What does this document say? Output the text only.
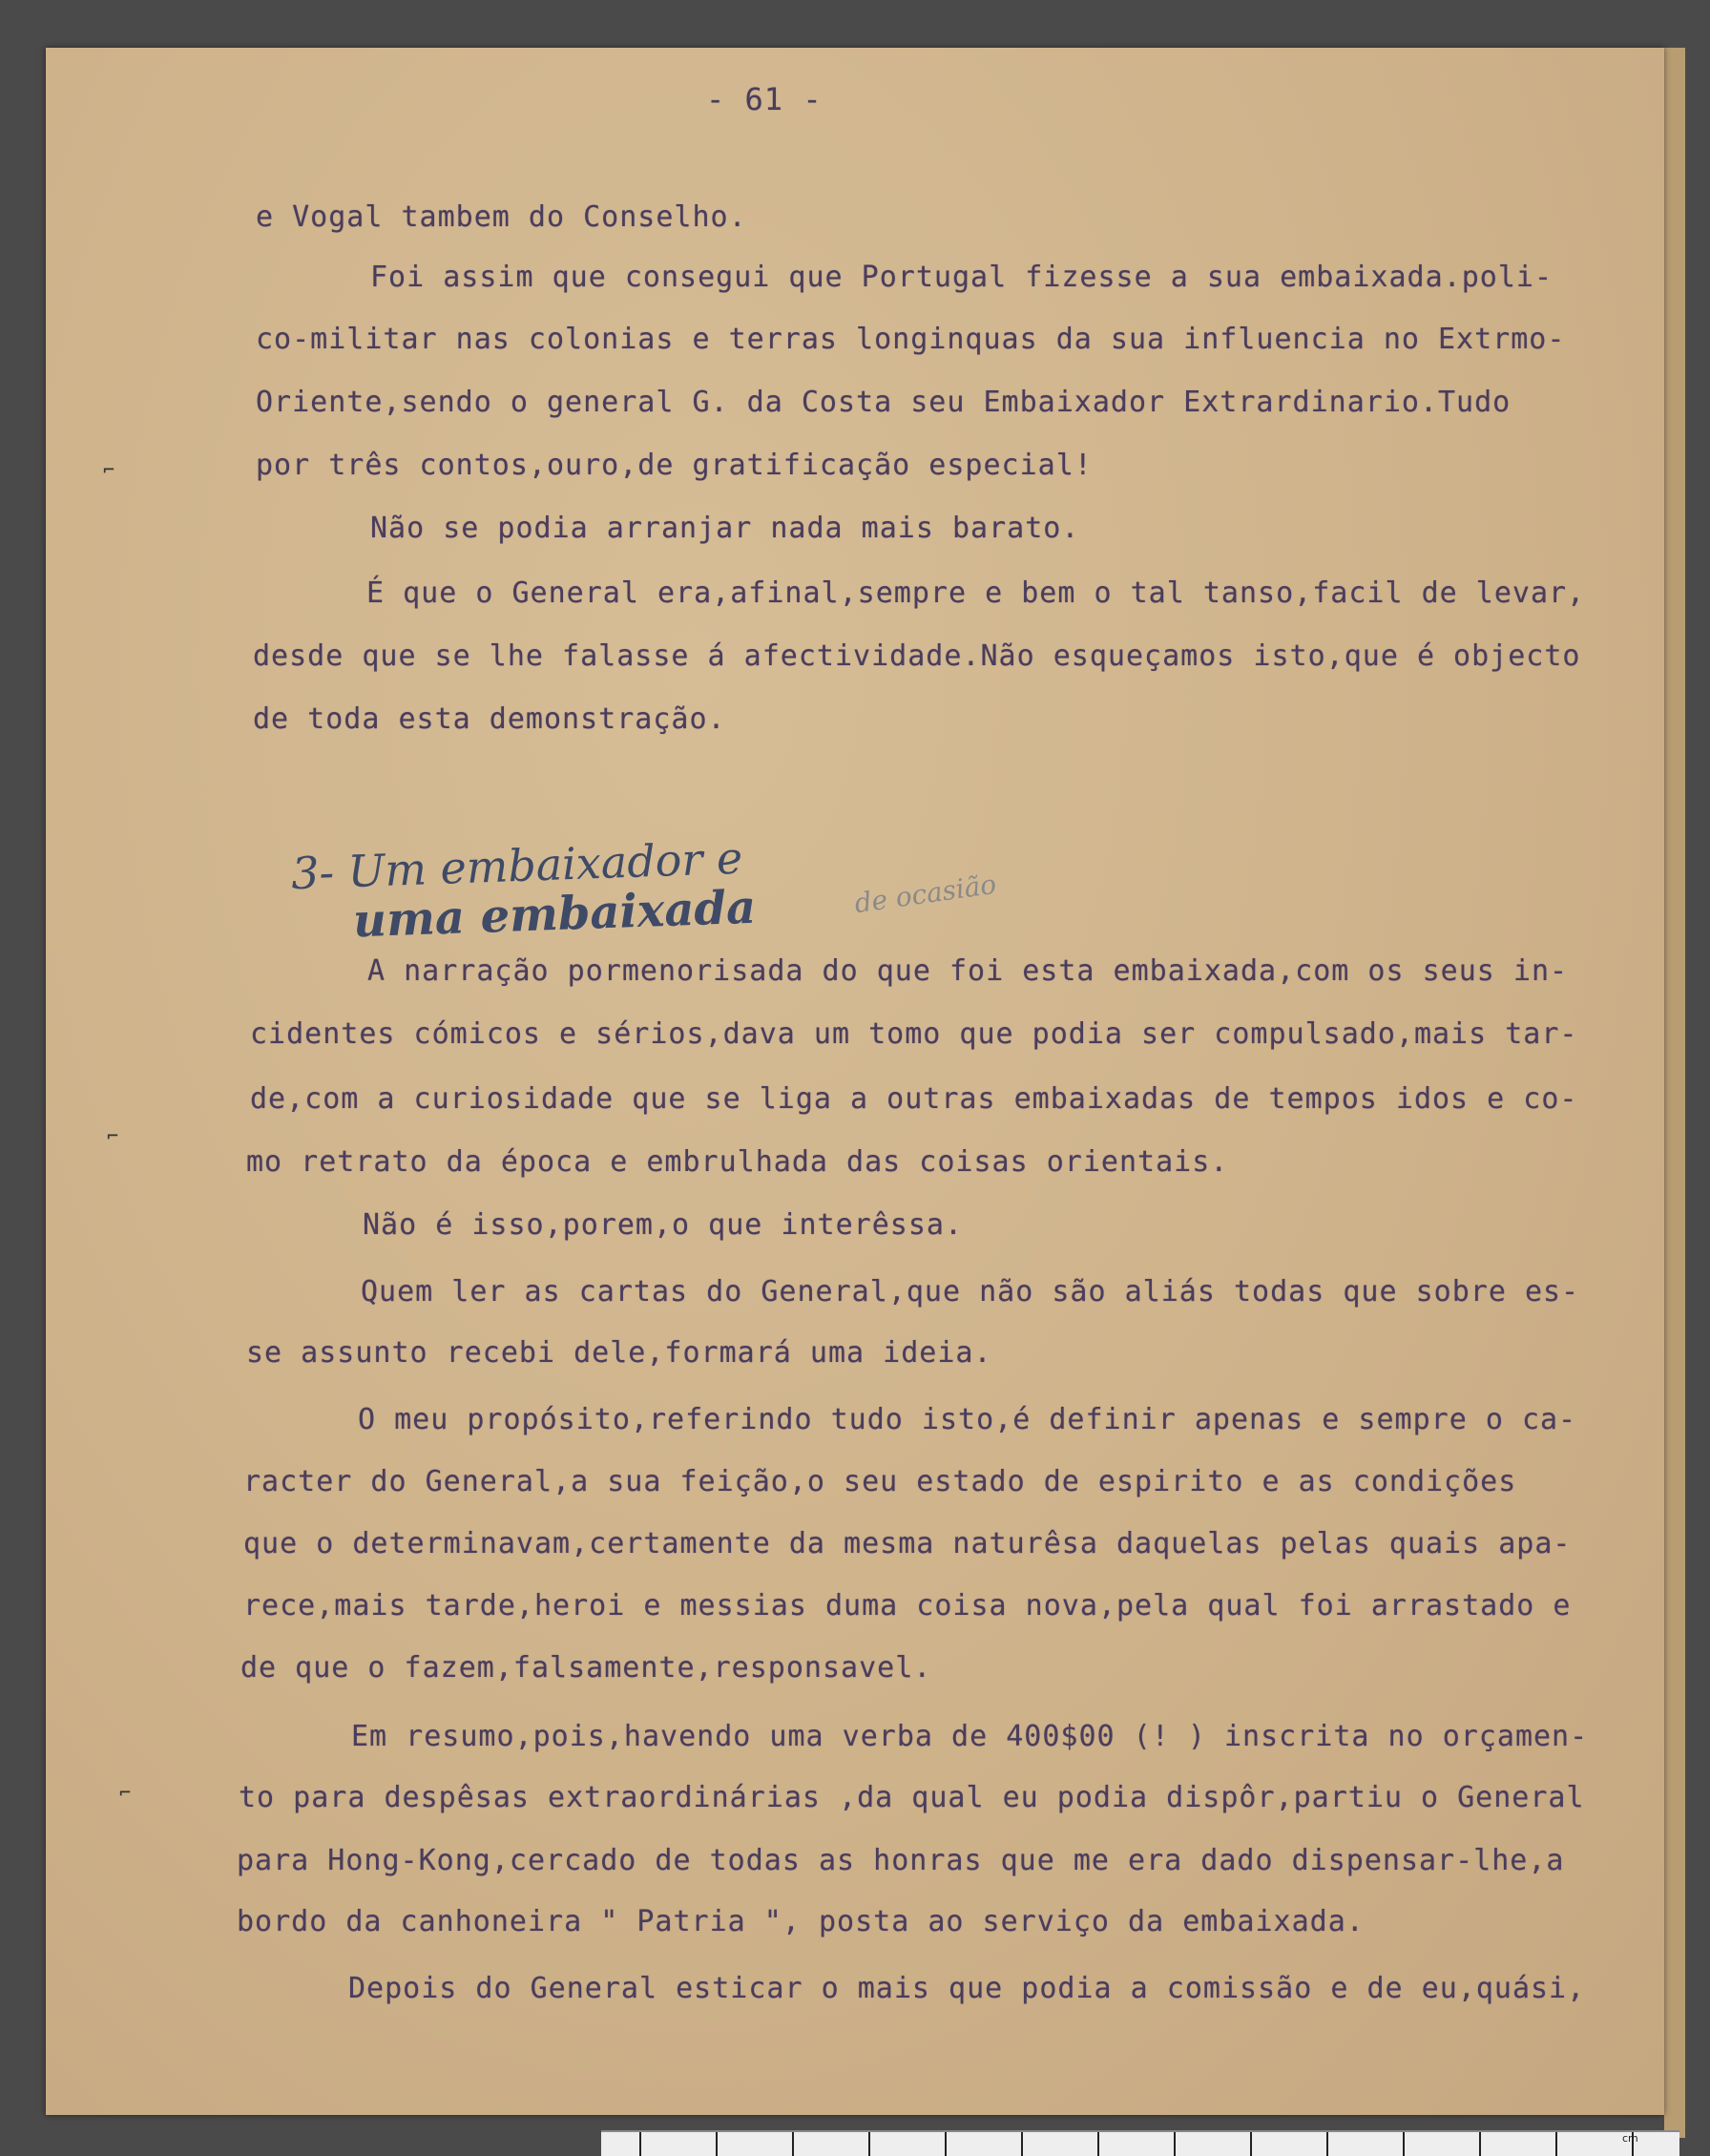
- 61 -
e Vogal tambem do Conselho.
Foi assim que consegui que Portugal fizesse a sua embaixada.poli-
co-militar nas colonias e terras longinquas da sua influencia no Extrmo-
Oriente,sendo o general G. da Costa seu Embaixador Extrardinario.Tudo
por três contos,ouro,de gratificação especial!
Não se podia arranjar nada mais barato.
É que o General era,afinal,sempre e bem o tal tanso,facil de levar,
desde que se lhe falasse á afectividade.Não esqueçamos isto,que é objecto
de toda esta demonstração.
3- Um embaixador e
uma embaixada	de ocasião
A narração pormenorisada do que foi esta embaixada,com os seus in-
cidentes cómicos e sérios,dava um tomo que podia ser compulsado,mais tar-
de,com a curiosidade que se liga a outras embaixadas de tempos idos e co-
mo retrato da época e embrulhada das coisas orientais.
Não é isso,porem,o que interêssa.
Quem ler as cartas do General,que não são aliás todas que sobre es-
se assunto recebi dele,formará uma ideia.
O meu propósito,referindo tudo isto,é definir apenas e sempre o ca-
racter do General,a sua feição,o seu estado de espirito e as condições
que o determinavam,certamente da mesma naturêsa daquelas pelas quais apa-
rece,mais tarde,heroi e messias duma coisa nova,pela qual foi arrastado e
de que o fazem,falsamente,responsavel.
Em resumo,pois,havendo uma verba de 400$00 (! ) inscrita no orçamen-
to para despêsas extraordinárias ,da qual eu podia dispôr,partiu o General
para Hong-Kong,cercado de todas as honras que me era dado dispensar-lhe,a
bordo da canhoneira " Patria ", posta ao serviço da embaixada.
Depois do General esticar o mais que podia a comissão e de eu,quási,
⌐
⌐
⌐
cm
